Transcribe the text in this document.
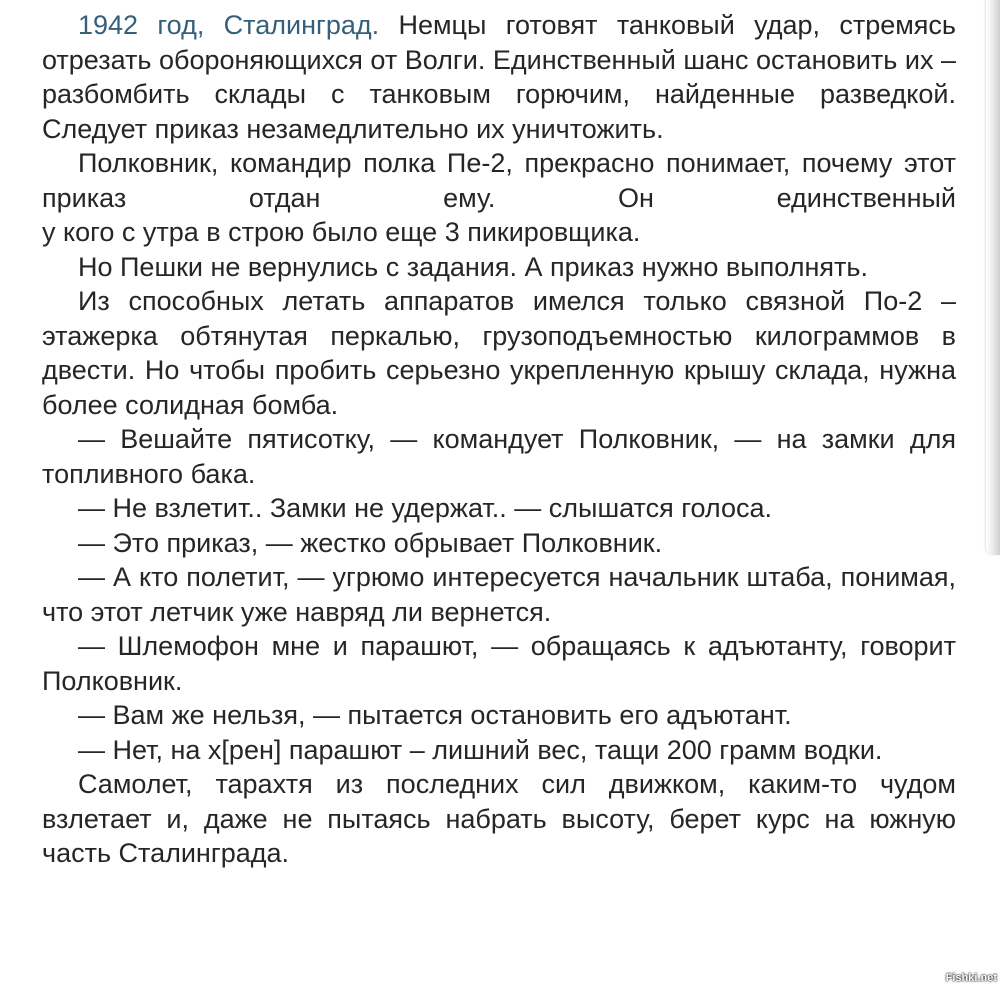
1942 год, Сталинград. Немцы готовят танковый удар, стремясь отрезать обороняющихся от Волги. Единственный шанс остановить их – разбомбить склады с танковым горючим, найденные разведкой. Следует приказ незамедлительно их уничтожить.

Полковник, командир полка Пе-2, прекрасно понимает, почему этот приказ отдан ему. Он единственный

у кого с утра в строю было еще 3 пикировщика.

Но Пешки не вернулись с задания. А приказ нужно выполнять.

Из способных летать аппаратов имелся только связной По-2 – этажерка обтянутая перкалью, грузоподъемностью килограммов в двести. Но чтобы пробить серьезно укрепленную крышу склада, нужна более солидная бомба.

— Вешайте пятисотку, — командует Полковник, — на замки для топливного бака.

— Не взлетит.. Замки не удержат.. — слышатся голоса.

— Это приказ, — жестко обрывает Полковник.

— А кто полетит, — угрюмо интересуется начальник штаба, понимая, что этот летчик уже навряд ли вернется.

— Шлемофон мне и парашют, — обращаясь к адъютанту, говорит Полковник.

— Вам же нельзя, — пытается остановить его адъютант.

— Нет, на х[рен] парашют – лишний вес, тащи 200 грамм водки.

Самолет, тарахтя из последних сил движком, каким-то чудом взлетает и, даже не пытаясь набрать высоту, берет курс на южную часть Сталинграда.

Fishki.net
